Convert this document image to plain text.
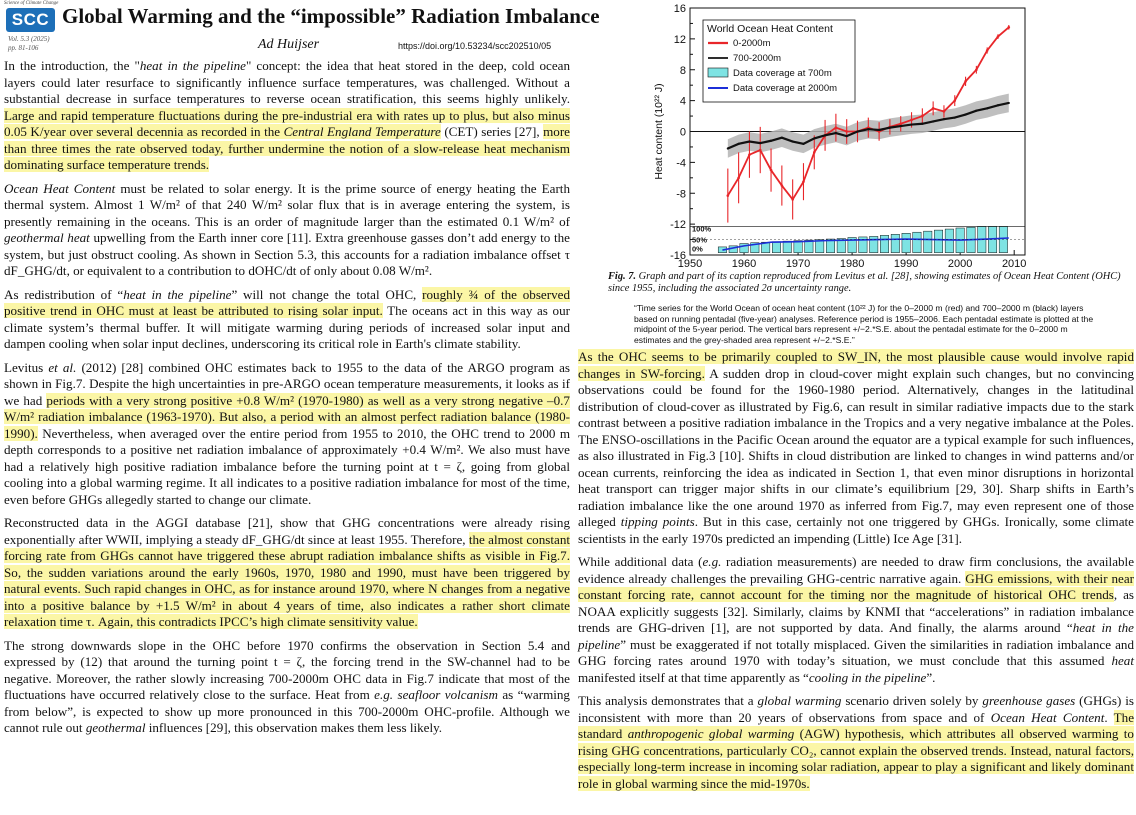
SCC
Science of Climate Change
Vol. 5.3 (2025)
pp. 81-106
Global Warming and the “impossible” Radiation Imbalance
Ad Huijser	https://doi.org/10.53234/scc202510/05

In the introduction, the "heat in the pipeline" concept: the idea that heat stored in the deep, cold ocean layers could later resurface to significantly influence surface temperatures, was challenged. Without a substantial decrease in surface temperatures to reverse ocean stratification, this seems highly unlikely. Large and rapid temperature fluctuations during the pre-industrial era with rates up to plus, but also minus 0.05 K/year over several decennia as recorded in the Central England Temperature (CET) series [27], more than three times the rate observed today, further undermine the notion of a slow-release heat mechanism dominating surface temperature trends.

Ocean Heat Content must be related to solar energy. It is the prime source of energy heating the Earth thermal system. Almost 1 W/m² of that 240 W/m² solar flux that is in average entering the system, is presently remaining in the oceans. This is an order of magnitude larger than the estimated 0.1 W/m² of geothermal heat upwelling from the Earth inner core [11]. Extra greenhouse gasses don’t add energy to the system, but just obstruct cooling. As shown in Section 5.3, this accounts for a radiation imbalance offset τ dF_GHG/dt, or equivalent to a contribution to dOHC/dt of only about 0.08 W/m².

As redistribution of “heat in the pipeline” will not change the total OHC, roughly ¾ of the observed positive trend in OHC must at least be attributed to rising solar input. The oceans act in this way as our climate system’s thermal buffer. It will mitigate warming during periods of increased solar input and dampen cooling when solar input declines, underscoring its critical role in Earth's climate stability.

Levitus et al. (2012) [28] combined OHC estimates back to 1955 to the data of the ARGO program as shown in Fig.7. Despite the high uncertainties in pre-ARGO ocean temperature measurements, it looks as if we had periods with a very strong positive +0.8 W/m² (1970-1980) as well as a very strong negative –0.7 W/m² radiation imbalance (1963-1970). But also, a period with an almost perfect radiation balance (1980-1990). Nevertheless, when averaged over the entire period from 1955 to 2010, the OHC trend to 2000 m depth corresponds to a positive net radiation imbalance of approximately +0.4 W/m². We also must have had a relatively high positive radiation imbalance before the turning point at t = ζ, going from global cooling into a global warming regime. It all indicates to a positive radiation imbalance for most of the time, even before GHGs allegedly started to change our climate.

Reconstructed data in the AGGI database [21], show that GHG concentrations were already rising exponentially after WWII, implying a steady dF_GHG/dt since at least 1955. Therefore, the almost constant forcing rate from GHGs cannot have triggered these abrupt radiation imbalance shifts as visible in Fig.7. So, the sudden variations around the early 1960s, 1970, 1980 and 1990, must have been triggered by natural events. Such rapid changes in OHC, as for instance around 1970, where N changes from a negative into a positive balance by +1.5 W/m² in about 4 years of time, also indicates a rather short climate relaxation time τ. Again, this contradicts IPCC’s high climate sensitivity value.

The strong downwards slope in the OHC before 1970 confirms the observation in Section 5.4 and expressed by (12) that around the turning point t = ζ, the forcing trend in the SW-channel had to be negative. Moreover, the rather slowly increasing 700-2000m OHC data in Fig.7 indicate that most of the fluctuations have occurred relatively close to the surface. Heat from e.g. seafloor volcanism as “warming from below”, is expected to show up more pronounced in this 700-2000m OHC-profile. Although we cannot rule out geothermal influences [29], this observation makes them less likely.

1950	1960	1970	1980	1990	2000	2010
-16
-12
-8
-4
0
4
8
12
16
Heat content (10²² J)
100%
50%
0%
World Ocean Heat Content
0-2000m
700-2000m
Data coverage at 700m
Data coverage at 2000m
Fig. 7. Graph and part of its caption reproduced from Levitus et al. [28], showing estimates of Ocean Heat Content (OHC) since 1955, including the associated 2σ uncertainty range.
“Time series for the World Ocean of ocean heat content (10²² J) for the 0–2000 m (red) and 700–2000 m (black) layers based on running pentadal (five-year) analyses. Reference period is 1955–2006. Each pentadal estimate is plotted at the midpoint of the 5-year period. The vertical bars represent +/−2.*S.E. about the pentadal estimate for the 0–2000 m estimates and the grey-shaded area represent +/−2.*S.E.”

As the OHC seems to be primarily coupled to SW_IN, the most plausible cause would involve rapid changes in SW-forcing. A sudden drop in cloud-cover might explain such changes, but no convincing observations could be found for the 1960-1980 period. Alternatively, changes in the latitudinal distribution of cloud-cover as illustrated by Fig.6, can result in similar radiative impacts due to the stark contrast between a positive radiation imbalance in the Tropics and a very negative imbalance at the Poles. The ENSO-oscillations in the Pacific Ocean around the equator are a typical example for such influences, as also illustrated in Fig.3 [10]. Shifts in cloud distribution are linked to changes in wind patterns and/or ocean currents, reinforcing the idea as indicated in Section 1, that even minor disruptions in horizontal heat transport can trigger major shifts in our climate’s equilibrium [29, 30]. Sharp shifts in Earth’s radiation imbalance like the one around 1970 as inferred from Fig.7, may even represent one of those alleged tipping points. But in this case, certainly not one triggered by GHGs. Ironically, some climate scientists in the early 1970s predicted an impending (Little) Ice Age [31].

While additional data (e.g. radiation measurements) are needed to draw firm conclusions, the available evidence already challenges the prevailing GHG-centric narrative again. GHG emissions, with their near constant forcing rate, cannot account for the timing nor the magnitude of historical OHC trends, as NOAA explicitly suggests [32]. Similarly, claims by KNMI that “accelerations” in radiation imbalance trends are GHG-driven [1], are not supported by data. And finally, the alarms around “heat in the pipeline” must be exaggerated if not totally misplaced. Given the similarities in radiation imbalance and GHG forcing rates around 1970 with today’s situation, we must conclude that this assumed heat manifested itself at that time apparently as “cooling in the pipeline”.

This analysis demonstrates that a global warming scenario driven solely by greenhouse gases (GHGs) is inconsistent with more than 20 years of observations from space and of Ocean Heat Content. The standard anthropogenic global warming (AGW) hypothesis, which attributes all observed warming to rising GHG concentrations, particularly CO₂, cannot explain the observed trends. Instead, natural factors, especially long-term increase in incoming solar radiation, appear to play a significant and likely dominant role in global warming since the mid-1970s.
